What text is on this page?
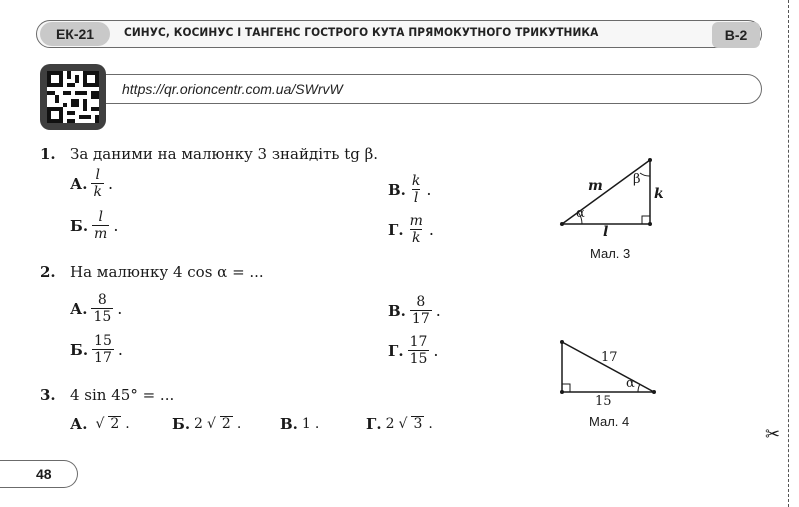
ЕК-21	СИНУС, КОСИНУС І ТАНГЕНС ГОСТРОГО КУТА ПРЯМОКУТНОГО ТРИКУТНИКА	В-2
https://qr.orioncentr.com.ua/SWrvW
1. За даними на малюнку 3 знайдіть tg β.
А. $\frac{l}{k}$ .
Б. $\frac{l}{m}$ .
В. $\frac{k}{l}$ .
Г. $\frac{m}{k}$ .
m	k
l
α
β
Мал. 3
2. На малюнку 4 cos α = ...
А. $\frac{8}{15}$ .
Б. $\frac{15}{17}$ .
В. $\frac{8}{17}$ .
Г. $\frac{17}{15}$ .	17
15
α
Мал. 4
3. 4 sin 45° = ...
А. √ 2 .	Б. 2 √ 2 .	В. 1 .	Г. 2 √ 3 .
48
✂
